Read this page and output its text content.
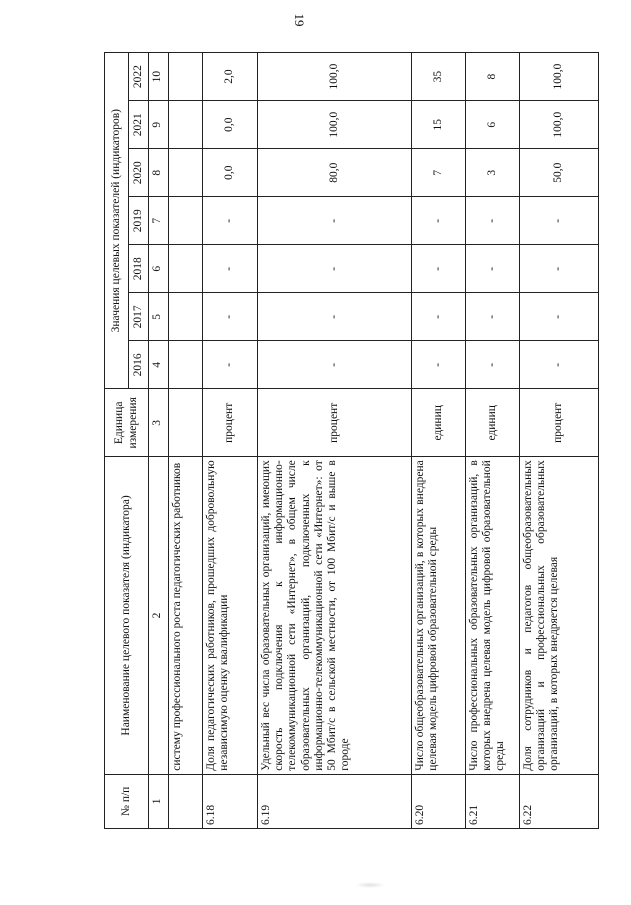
19
№ п/п	Наименование целевого показателя (индикатора)	Единица измерения	Значения целевых показателей (индикаторов)						
			2016	2017	2018	2019	2020	2021	2022
1	2	3	4	5	6	7	8	9	10
	систему профессионального роста педагогических работников								
6.18	Доля педагогических работников, прошедших добровольную независимую оценку квалификации	процент	-	-	-	-	0,0	0,0	2,0
6.19	Удельный вес числа образовательных организаций, имеющих скорость подключения к информационно-телекоммуникационной сети «Интернет», в общем числе образовательных организаций, подключенных к информационно-телекоммуникационной сети «Интернет»: от 50 Мбит/с в сельской местности, от 100 Мбит/с и выше в городе	процент	-	-	-	-	80,0	100,0	100,0
6.20	Число общеобразовательных организаций, в которых внедрена целевая модель цифровой образовательной среды	единиц	-	-	-	-	7	15	35
6.21	Число профессиональных образовательных организаций, в которых внедрена целевая модель цифровой образовательной среды	единиц	-	-	-	-	3	6	8
6.22	Доля сотрудников и педагогов общеобразовательных организаций и профессиональных образовательных организаций, в которых внедряется целевая	процент	-	-	-	-	50,0	100,0	100,0
